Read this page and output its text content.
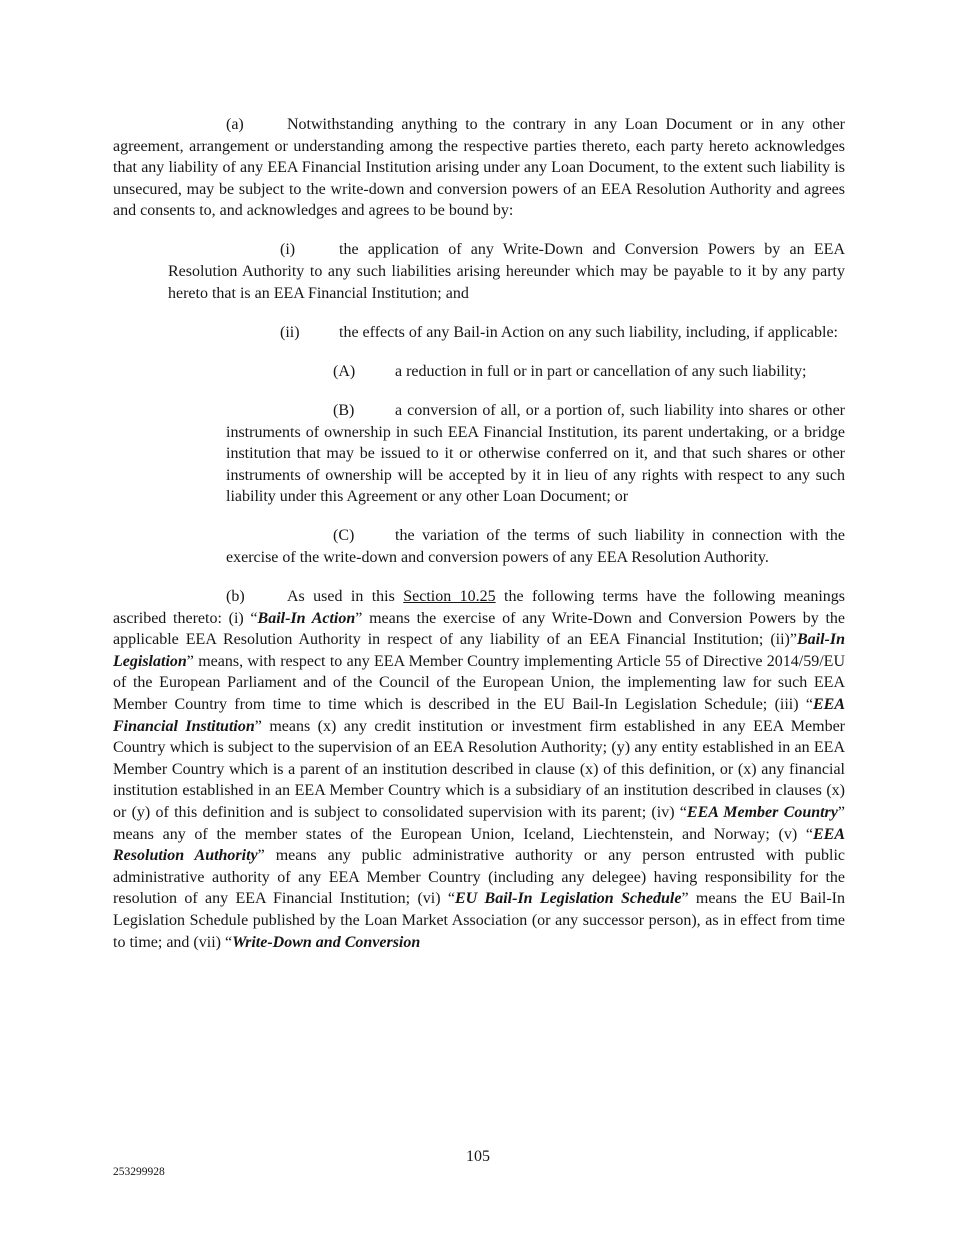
(a)	Notwithstanding anything to the contrary in any Loan Document or in any other agreement, arrangement or understanding among the respective parties thereto, each party hereto acknowledges that any liability of any EEA Financial Institution arising under any Loan Document, to the extent such liability is unsecured, may be subject to the write-down and conversion powers of an EEA Resolution Authority and agrees and consents to, and acknowledges and agrees to be bound by:

(i)	the application of any Write-Down and Conversion Powers by an EEA Resolution Authority to any such liabilities arising hereunder which may be payable to it by any party hereto that is an EEA Financial Institution; and

(ii) the effects of any Bail-in Action on any such liability, including, if applicable:

(A) a reduction in full or in part or cancellation of any such liability;

(B)	a conversion of all, or a portion of, such liability into shares or other instruments of ownership in such EEA Financial Institution, its parent undertaking, or a bridge institution that may be issued to it or otherwise conferred on it, and that such shares or other instruments of ownership will be accepted by it in lieu of any rights with respect to any such liability under this Agreement or any other Loan Document; or

(C)	the variation of the terms of such liability in connection with the exercise of the write-down and conversion powers of any EEA Resolution Authority.

(b)	As used in this Section 10.25 the following terms have the following meanings ascribed thereto: (i) “Bail-In Action” means the exercise of any Write-Down and Conversion Powers by the applicable EEA Resolution Authority in respect of any liability of an EEA Financial Institution; (ii)”Bail-In Legislation” means, with respect to any EEA Member Country implementing Article 55 of Directive 2014/59/EU of the European Parliament and of the Council of the European Union, the implementing law for such EEA Member Country from time to time which is described in the EU Bail-In Legislation Schedule; (iii) “EEA Financial Institution” means (x) any credit institution or investment firm established in any EEA Member Country which is subject to the supervision of an EEA Resolution Authority; (y) any entity established in an EEA Member Country which is a parent of an institution described in clause (x) of this definition, or (x) any financial institution established in an EEA Member Country which is a subsidiary of an institution described in clauses (x) or (y) of this definition and is subject to consolidated supervision with its parent; (iv) “EEA Member Country” means any of the member states of the European Union, Iceland, Liechtenstein, and Norway; (v) “EEA Resolution Authority” means any public administrative authority or any person entrusted with public administrative authority of any EEA Member Country (including any delegee) having responsibility for the resolution of any EEA Financial Institution; (vi) “EU Bail-In Legislation Schedule” means the EU Bail-In Legislation Schedule published by the Loan Market Association (or any successor person), as in effect from time to time; and (vii) “Write-Down and Conversion

105
253299928
